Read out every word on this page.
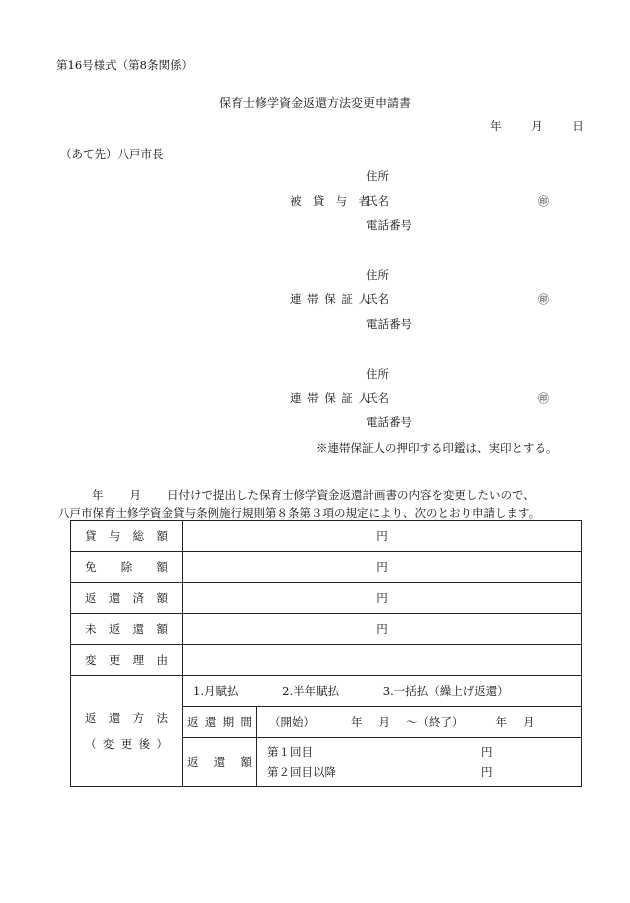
第16号様式（第8条関係）
保育士修学資金返還方法変更申請書
年	月	日
（あて先）八戸市長
住所
被貸与者
氏名	㊞
電話番号
住所
連帯保証人
氏名	㊞
電話番号
住所
連帯保証人
氏名	㊞
電話番号
※連帯保証人の押印する印鑑は、実印とする。
年 月 日付けで提出した保育士修学資金返還計画書の内容を変更したいので、
八戸市保育士修学資金貸与条例施行規則第８条第３項の規定により、次のとおり申請します。
貸与総額	円	

免除額	円	

返還済額	円	

未返還額	円	

変更理由		

返還方法
（変更後）	1.月賦払 2.半年賦払 3.一括払（繰上げ返還）	

	返還期間	（開始） 年 月 ～（終了） 年 月

	返還額	第１回目 円
第２回目以降 円
